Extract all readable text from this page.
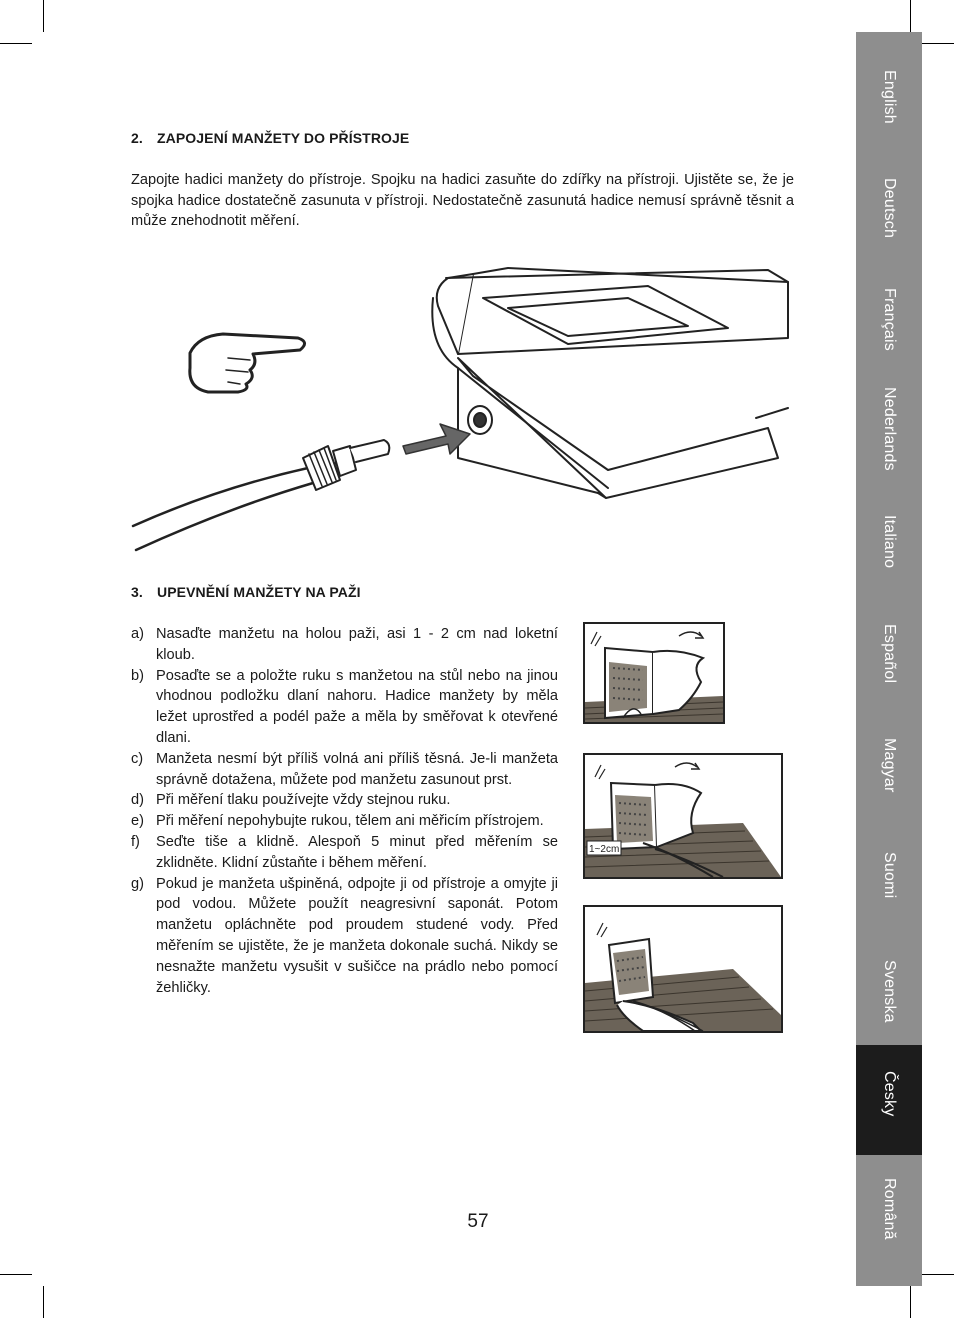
English
Deutsch
Français
Nederlands
Italiano
Español
Magyar
Suomi
Svenska
Česky
Română
2. ZAPOJENÍ MANŽETY DO PŘÍSTROJE
Zapojte hadici manžety do přístroje. Spojku na hadici zasuňte do zdířky na přístroji. Ujistěte se, že je spojka hadice dostatečně zasunuta v přístroji. Nedostatečně zasunutá hadice nemusí správně těsnit a může znehodnotit měření.
3. UPEVNĚNÍ MANŽETY NA PAŽI
a) Nasaďte manžetu na holou paži, asi 1 - 2 cm nad loketní kloub.
b) Posaďte se a položte ruku s manžetou na stůl nebo na jinou vhodnou podložku dlaní nahoru. Hadice manžety by měla ležet uprostřed a podél paže a měla by směřovat k otevřené dlani.
c) Manžeta nesmí být příliš volná ani příliš těsná. Je-li manžeta správně dotažena, můžete pod manžetu zasunout prst.
d) Při měření tlaku používejte vždy stejnou ruku.
e) Při měření nepohybujte rukou, tělem ani měřicím přístrojem.
f)	Seďte tiše a klidně. Alespoň 5 minut před měřením se zklidněte. Klidní zůstaňte i během měření.
g) Pokud je manžeta ušpiněná, odpojte ji od přístroje a omyjte ji pod vodou. Můžete použít neagresivní saponát. Potom manžetu opláchněte pod proudem studené vody. Před měřením se ujistěte, že je manžeta dokonale suchá. Nikdy se nesnažte manžetu vysušit v sušičce na prádlo nebo pomocí žehličky.
1~2cm
57
